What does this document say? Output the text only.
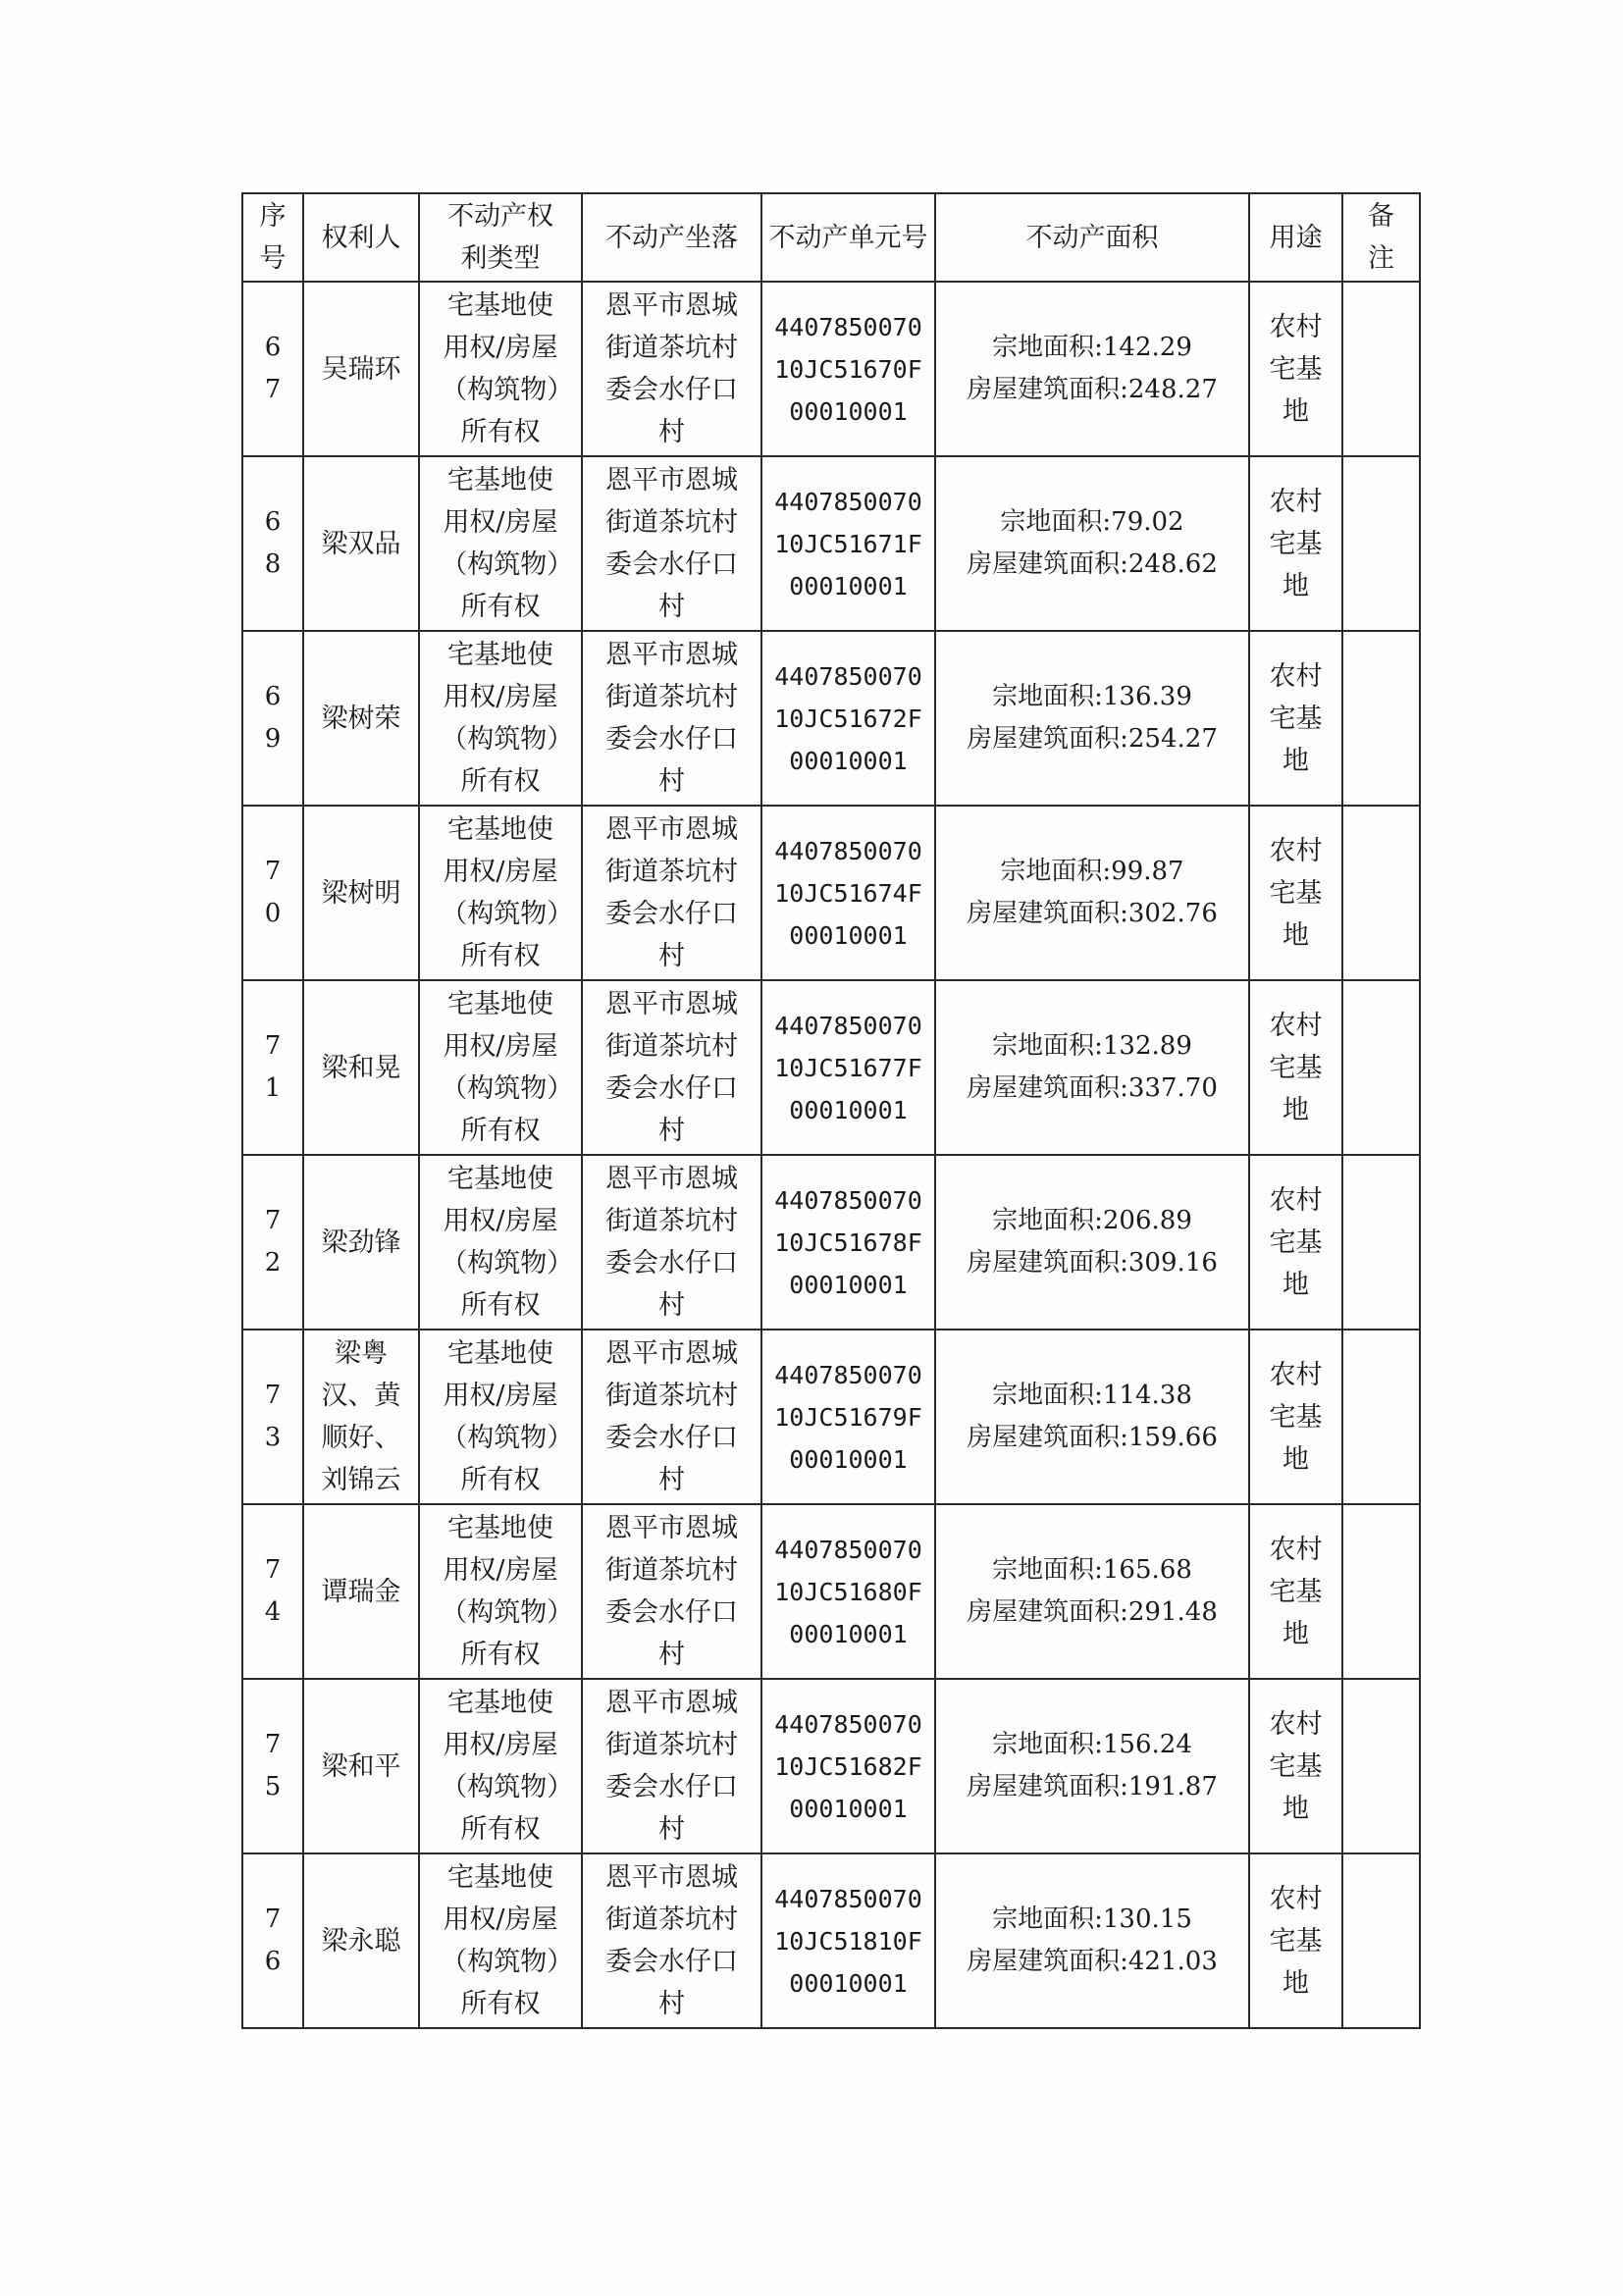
序号	权利人	不动产权利类型	不动产坐落	不动产单元号	不动产面积	用途	备注

67	吴瑞环	宅基地使用权/房屋（构筑物）所有权	恩平市恩城街道茶坑村委会水仔口村	440785007010JC51670F00010001	宗地面积:142.29
房屋建筑面积:248.27	农村宅基地	

68	梁双品	宅基地使用权/房屋（构筑物）所有权	恩平市恩城街道茶坑村委会水仔口村	440785007010JC51671F00010001	宗地面积:79.02
房屋建筑面积:248.62	农村宅基地	

69	梁树荣	宅基地使用权/房屋（构筑物）所有权	恩平市恩城街道茶坑村委会水仔口村	440785007010JC51672F00010001	宗地面积:136.39
房屋建筑面积:254.27	农村宅基地	

70	梁树明	宅基地使用权/房屋（构筑物）所有权	恩平市恩城街道茶坑村委会水仔口村	440785007010JC51674F00010001	宗地面积:99.87
房屋建筑面积:302.76	农村宅基地	

71	梁和晃	宅基地使用权/房屋（构筑物）所有权	恩平市恩城街道茶坑村委会水仔口村	440785007010JC51677F00010001	宗地面积:132.89
房屋建筑面积:337.70	农村宅基地	

72	梁劲锋	宅基地使用权/房屋（构筑物）所有权	恩平市恩城街道茶坑村委会水仔口村	440785007010JC51678F00010001	宗地面积:206.89
房屋建筑面积:309.16	农村宅基地	

73	梁粤汉、黄顺好、刘锦云	宅基地使用权/房屋（构筑物）所有权	恩平市恩城街道茶坑村委会水仔口村	440785007010JC51679F00010001	宗地面积:114.38
房屋建筑面积:159.66	农村宅基地	

74	谭瑞金	宅基地使用权/房屋（构筑物）所有权	恩平市恩城街道茶坑村委会水仔口村	440785007010JC51680F00010001	宗地面积:165.68
房屋建筑面积:291.48	农村宅基地	

75	梁和平	宅基地使用权/房屋（构筑物）所有权	恩平市恩城街道茶坑村委会水仔口村	440785007010JC51682F00010001	宗地面积:156.24
房屋建筑面积:191.87	农村宅基地	

76	梁永聪	宅基地使用权/房屋（构筑物）所有权	恩平市恩城街道茶坑村委会水仔口村	440785007010JC51810F00010001	宗地面积:130.15
房屋建筑面积:421.03	农村宅基地	
